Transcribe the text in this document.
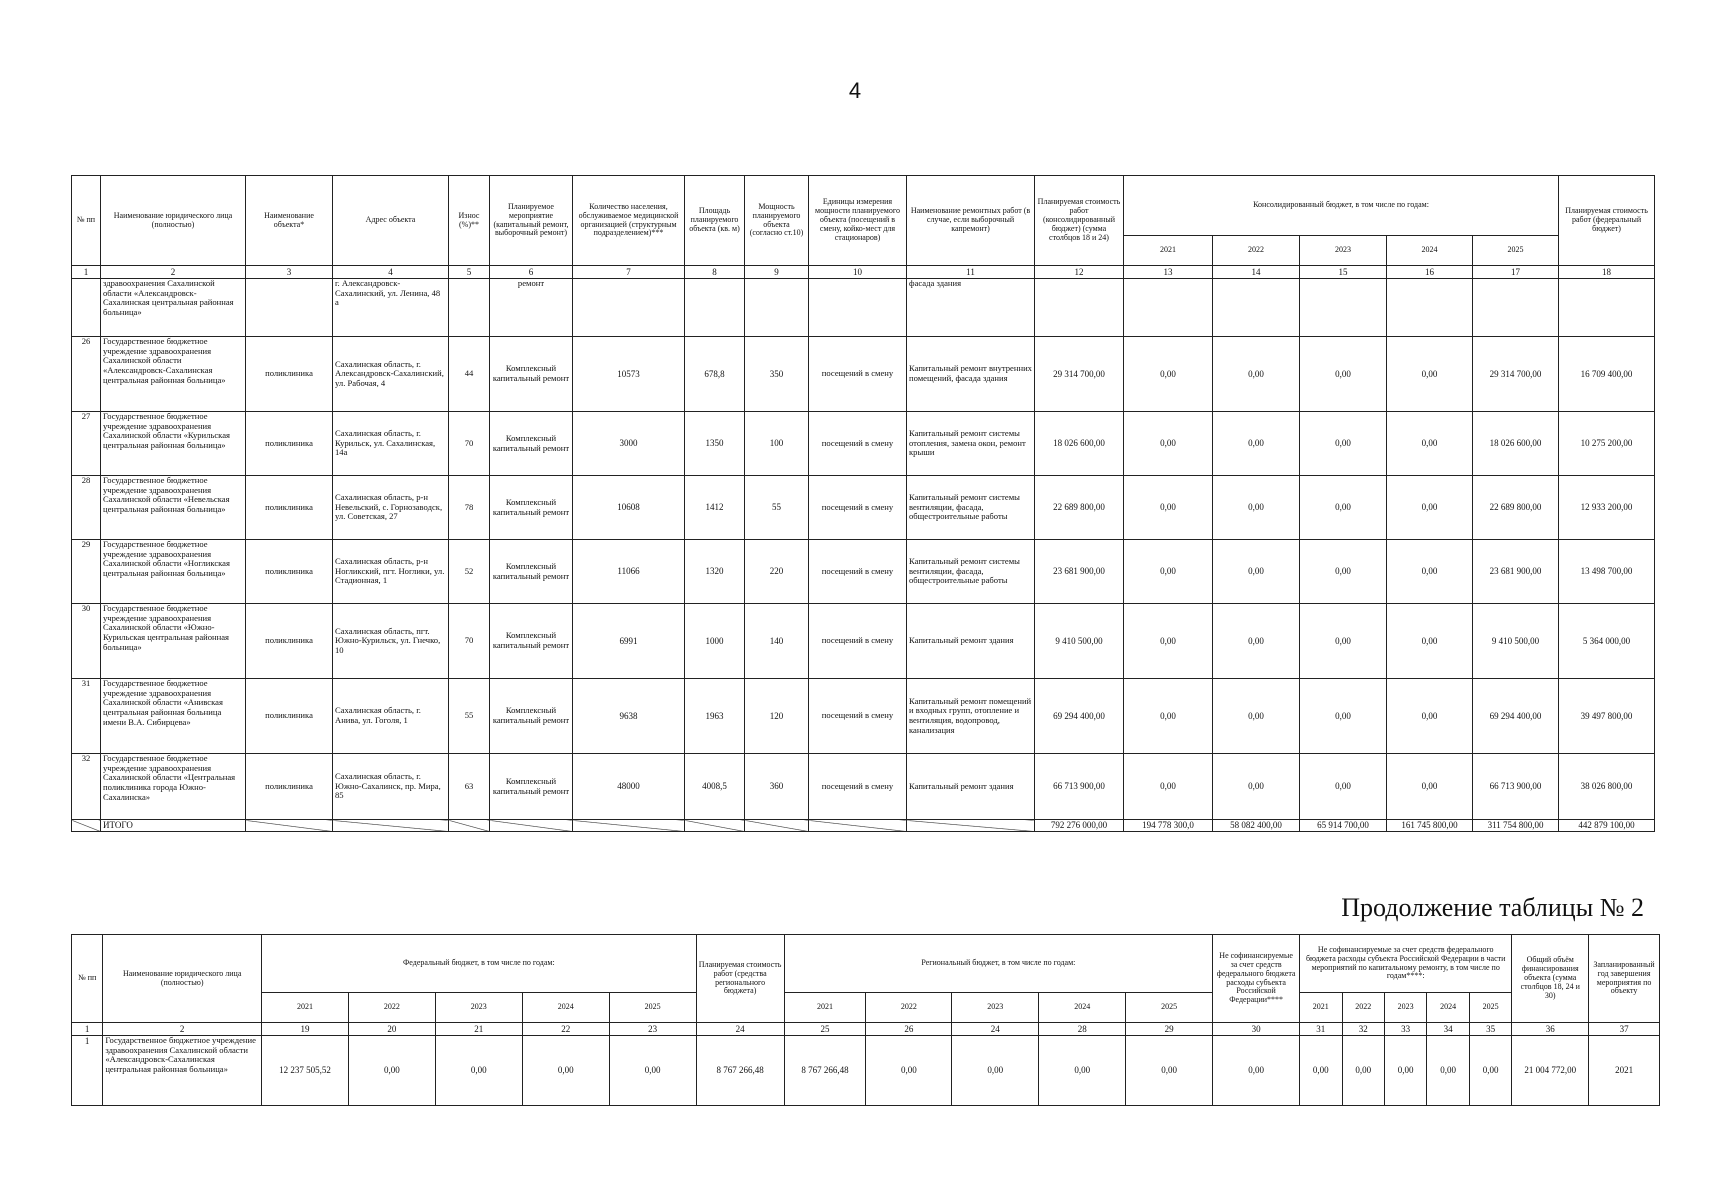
4
№ пп	Наименование юридического лица (полностью)	Наименование объекта*	Адрес объекта	Износ (%)**	Планируемое мероприятие (капитальный ремонт, выборочный ремонт)	Количество населения, обслуживаемое медицинской организацией (структурным подразделением)***	Площадь планируемого объекта (кв. м)	Мощность планируемого объекта (согласно ст.10)	Единицы измерения мощности планируемого объекта (посещений в смену, койко-мест для стационаров)	Наименование ремонтных работ (в случае, если выборочный капремонт)	Планируемая стоимость работ (консолидированный бюджет) (сумма столбцов 18 и 24)	Консолидированный бюджет, в том числе по годам:					Планируемая стоимость работ (федеральный бюджет)
												2021	2022	2023	2024	2025	
1	2	3	4	5	6	7	8	9	10	11	12	13	14	15	16	17	18
	здравоохранения Сахалинской области «Александровск-Сахалинская центральная районная больница»		г. Александровск-Сахалинский, ул. Ленина, 48 а		ремонт					фасада здания							
26	Государственное бюджетное учреждение здравоохранения Сахалинской области «Александровск-Сахалинская центральная районная больница»	поликлиника	Сахалинская область, г. Александровск-Сахалинский, ул. Рабочая, 4	44	Комплексный капитальный ремонт	10573	678,8	350	посещений в смену	Капитальный ремонт внутренних помещений, фасада здания	29 314 700,00	0,00	0,00	0,00	0,00	29 314 700,00	16 709 400,00
27	Государственное бюджетное учреждение здравоохранения Сахалинской области «Курильская центральная районная больница»	поликлиника	Сахалинская область, г. Курильск, ул. Сахалинская, 14а	70	Комплексный капитальный ремонт	3000	1350	100	посещений в смену	Капитальный ремонт системы отопления, замена окон, ремонт крыши	18 026 600,00	0,00	0,00	0,00	0,00	18 026 600,00	10 275 200,00
28	Государственное бюджетное учреждение здравоохранения Сахалинской области «Невельская центральная районная больница»	поликлиника	Сахалинская область, р-н Невельский, с. Горнозаводск, ул. Советская, 27	78	Комплексный капитальный ремонт	10608	1412	55	посещений в смену	Капитальный ремонт системы вентиляции, фасада, общестроительные работы	22 689 800,00	0,00	0,00	0,00	0,00	22 689 800,00	12 933 200,00
29	Государственное бюджетное учреждение здравоохранения Сахалинской области «Ногликская центральная районная больница»	поликлиника	Сахалинская область, р-н Ногликский, пгт. Ноглики, ул. Стадионная, 1	52	Комплексный капитальный ремонт	11066	1320	220	посещений в смену	Капитальный ремонт системы вентиляции, фасада, общестроительные работы	23 681 900,00	0,00	0,00	0,00	0,00	23 681 900,00	13 498 700,00
30	Государственное бюджетное учреждение здравоохранения Сахалинской области «Южно-Курильская центральная районная больница»	поликлиника	Сахалинская область, пгт. Южно-Курильск, ул. Гнечко, 10	70	Комплексный капитальный ремонт	6991	1000	140	посещений в смену	Капитальный ремонт здания	9 410 500,00	0,00	0,00	0,00	0,00	9 410 500,00	5 364 000,00
31	Государственное бюджетное учреждение здравоохранения Сахалинской области «Анивская центральная районная больница имени В.А. Сибирцева»	поликлиника	Сахалинская область, г. Анива, ул. Гоголя, 1	55	Комплексный капитальный ремонт	9638	1963	120	посещений в смену	Капитальный ремонт помещений и входных групп, отопление и вентиляция, водопровод, канализация	69 294 400,00	0,00	0,00	0,00	0,00	69 294 400,00	39 497 800,00
32	Государственное бюджетное учреждение здравоохранения Сахалинской области «Центральная поликлиника города Южно-Сахалинска»	поликлиника	Сахалинская область, г. Южно-Сахалинск, пр. Мира, 85	63	Комплексный капитальный ремонт	48000	4008,5	360	посещений в смену	Капитальный ремонт здания	66 713 900,00	0,00	0,00	0,00	0,00	66 713 900,00	38 026 800,00
	ИТОГО										792 276 000,00	194 778 300,0	58 082 400,00	65 914 700,00	161 745 800,00	311 754 800,00	442 879 100,00
Продолжение таблицы № 2
№ пп	Наименование юридического лица (полностью)	Федеральный бюджет, в том числе по годам:					Планируемая стоимость работ (средства регионального бюджета)	Региональный бюджет, в том числе по годам:					Не софинансируемые за счет средств федерального бюджета расходы субъекта Российской Федерации****	Не софинансируемые за счет средств федерального бюджета расходы субъекта Российской Федерации в части мероприятий по капитальному ремонту, в том числе по годам****:					Общий объём финансирования объекта (сумма столбцов 18, 24 и 30)	Запланированный год завершения мероприятия по объекту
		2021	2022	2023	2024	2025		2021	2022	2023	2024	2025		2021	2022	2023	2024	2025		
1	2	19	20	21	22	23	24	25	26	24	28	29	30	31	32	33	34	35	36	37
1	Государственное бюджетное учреждение здравоохранения Сахалинской области «Александровск-Сахалинская центральная районная больница»	12 237 505,52	0,00	0,00	0,00	0,00	8 767 266,48	8 767 266,48	0,00	0,00	0,00	0,00	0,00	0,00	0,00	0,00	0,00	0,00	21 004 772,00	2021
